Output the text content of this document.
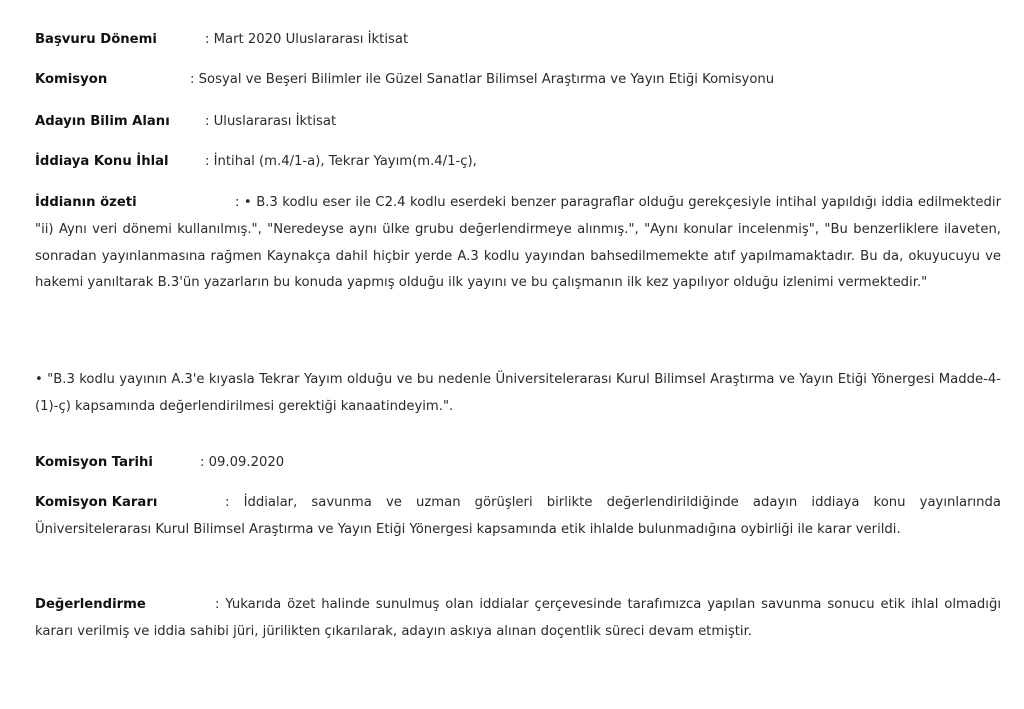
Başvuru Dönemi	: Mart 2020 Uluslararası İktisat
Komisyon	: Sosyal ve Beşeri Bilimler ile Güzel Sanatlar Bilimsel Araştırma ve Yayın Etiği Komisyonu
Adayın Bilim Alanı	: Uluslararası İktisat
İddiaya Konu İhlal	: İntihal (m.4/1-a), Tekrar Yayım(m.4/1-ç),
İddianın özeti	: • B.3 kodlu eser ile C2.4 kodlu eserdeki benzer paragraflar olduğu gerekçesiyle intihal yapıldığı iddia edilmektedir "ii) Aynı veri dönemi kullanılmış.", "Neredeyse aynı ülke grubu değerlendirmeye alınmış.", "Aynı konular incelenmiş", "Bu benzerliklere ilaveten, sonradan yayınlanmasına rağmen Kaynakça dahil hiçbir yerde A.3 kodlu yayından bahsedilmemekte atıf yapılmamaktadır. Bu da, okuyucuyu ve hakemi yanıltarak B.3'ün yazarların bu konuda yapmış olduğu ilk yayını ve bu çalışmanın ilk kez yapılıyor olduğu izlenimi vermektedir."
• "B.3 kodlu yayının A.3'e kıyasla Tekrar Yayım olduğu ve bu nedenle Üniversitelerarası Kurul Bilimsel Araştırma ve Yayın Etiği Yönergesi Madde-4-(1)-ç) kapsamında değerlendirilmesi gerektiği kanaatindeyim.".
Komisyon Tarihi	: 09.09.2020
Komisyon Kararı	: İddialar, savunma ve uzman görüşleri birlikte değerlendirildiğinde adayın iddiaya konu yayınlarında Üniversitelerarası Kurul Bilimsel Araştırma ve Yayın Etiği Yönergesi kapsamında etik ihlalde bulunmadığına oybirliği ile karar verildi.
Değerlendirme	: Yukarıda özet halinde sunulmuş olan iddialar çerçevesinde tarafımızca yapılan savunma sonucu etik ihlal olmadığı kararı verilmiş ve iddia sahibi jüri, jürilikten çıkarılarak, adayın askıya alınan doçentlik süreci devam etmiştir.
